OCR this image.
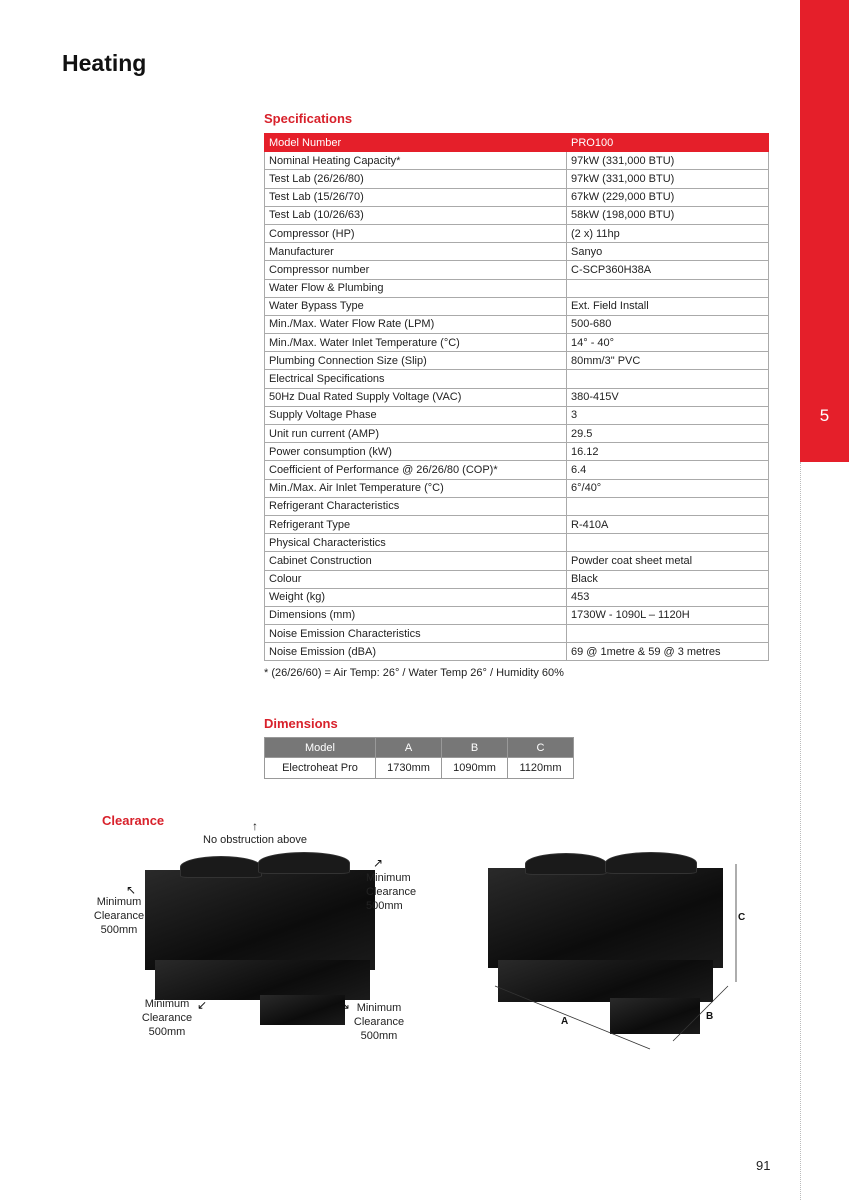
5
Heating
Specifications
Model Number	PRO100
Nominal Heating Capacity*	97kW (331,000 BTU)
Test Lab (26/26/80)	97kW (331,000 BTU)
Test Lab (15/26/70)	67kW (229,000 BTU)
Test Lab (10/26/63)	58kW (198,000 BTU)
Compressor (HP)	(2 x) 11hp
Manufacturer	Sanyo
Compressor number	C-SCP360H38A
Water Flow & Plumbing	
Water Bypass Type	Ext. Field Install
Min./Max. Water Flow Rate (LPM)	500-680
Min./Max. Water Inlet Temperature (°C)	14° - 40°
Plumbing Connection Size (Slip)	80mm/3" PVC
Electrical Specifications	
50Hz Dual Rated Supply Voltage (VAC)	380-415V
Supply Voltage Phase	3
Unit run current (AMP)	29.5
Power consumption (kW)	16.12
Coefficient of Performance @ 26/26/80 (COP)*	6.4
Min./Max. Air Inlet Temperature (°C)	6°/40°
Refrigerant Characteristics	
Refrigerant Type	R-410A
Physical Characteristics	
Cabinet Construction	Powder coat sheet metal
Colour	Black
Weight (kg)	453
Dimensions (mm)	1730W - 1090L – 1120H
Noise Emission Characteristics	
Noise Emission (dBA)	69 @ 1metre & 59 @ 3 metres
* (26/26/60) = Air Temp: 26° / Water Temp 26° / Humidity 60%
Dimensions
Model	A	B	C
Electroheat Pro	1730mm	1090mm	1120mm
Clearance	↑
No obstruction above
↖
Minimum
Clearance
500mm
↗
Minimum
Clearance
500mm
↙
Minimum
Clearance
500mm
↘ Minimum
Clearance
500mm
A	B
C
91
